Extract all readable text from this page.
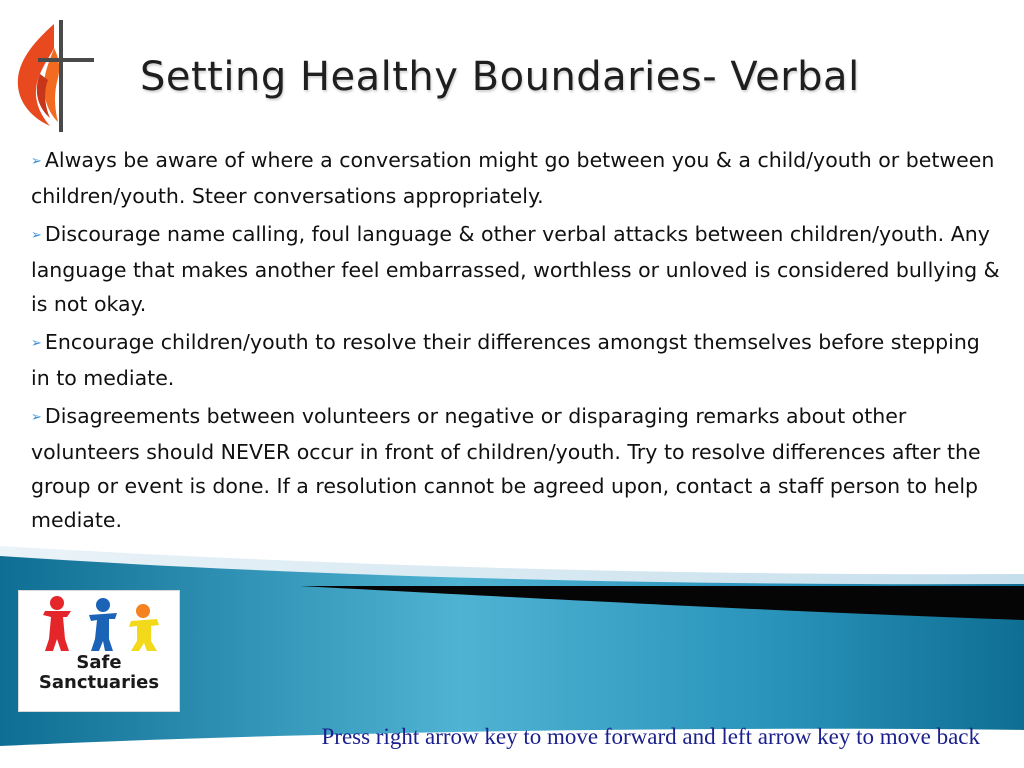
Setting Healthy Boundaries- Verbal
➢ Always be aware of where a conversation might go between you & a child/youth or between children/youth. Steer conversations appropriately.
➢ Discourage name calling, foul language & other verbal attacks between children/youth. Any language that makes another feel embarrassed, worthless or unloved is considered bullying & is not okay.
➢ Encourage children/youth to resolve their differences amongst themselves before stepping in to mediate.
➢ Disagreements between volunteers or negative or disparaging remarks about other volunteers should NEVER occur in front of children/youth. Try to resolve differences after the group or event is done. If a resolution cannot be agreed upon, contact a staff person to help mediate.
Safe
Sanctuaries
Press right arrow key to move forward and left arrow key to move back
